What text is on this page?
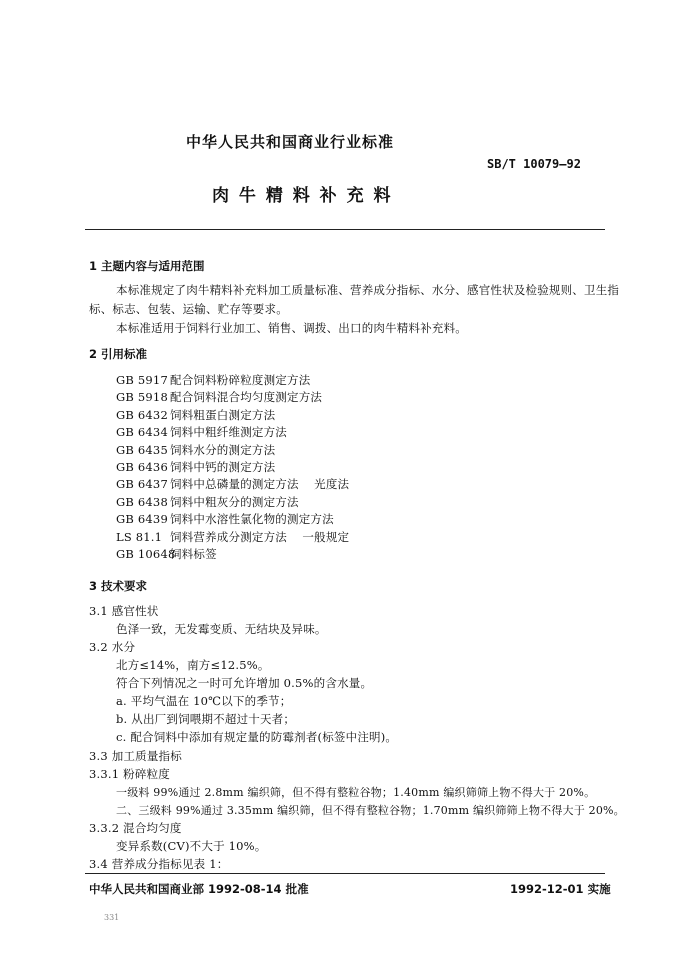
中华人民共和国商业行业标准
SB/T 10079—92
肉 牛 精 料 补 充 料
1 主题内容与适用范围
本标准规定了肉牛精料补充料加工质量标准、营养成分指标、水分、感官性状及检验规则、卫生指
标、标志、包装、运输、贮存等要求。
本标准适用于饲料行业加工、销售、调拨、出口的肉牛精料补充料。
2 引用标准
GB 5917 配合饲料粉碎粒度测定方法
GB 5918 配合饲料混合均匀度测定方法
GB 6432 饲料粗蛋白测定方法
GB 6434 饲料中粗纤维测定方法
GB 6435 饲料水分的测定方法
GB 6436 饲料中钙的测定方法
GB 6437 饲料中总磷量的测定方法    光度法
GB 6438 饲料中粗灰分的测定方法
GB 6439 饲料中水溶性氯化物的测定方法
LS 81.1 饲料营养成分测定方法    一般规定
GB 10648饲料标签
3 技术要求
3.1 感官性状
色泽一致，无发霉变质、无结块及异味。
3.2 水分
北方≤14%，南方≤12.5%。
符合下列情况之一时可允许增加 0.5%的含水量。
a. 平均气温在 10℃以下的季节；
b. 从出厂到饲喂期不超过十天者；
c. 配合饲料中添加有规定量的防霉剂者(标签中注明)。
3.3 加工质量指标
3.3.1 粉碎粒度
一级料 99%通过 2.8mm 编织筛，但不得有整粒谷物；1.40mm 编织筛筛上物不得大于 20%。
二、三级料 99%通过 3.35mm 编织筛，但不得有整粒谷物；1.70mm 编织筛筛上物不得大于 20%。
3.3.2 混合均匀度
变异系数(CV)不大于 10%。
3.4 营养成分指标见表 1：
中华人民共和国商业部 1992-08-14 批准	1992-12-01 实施
331
